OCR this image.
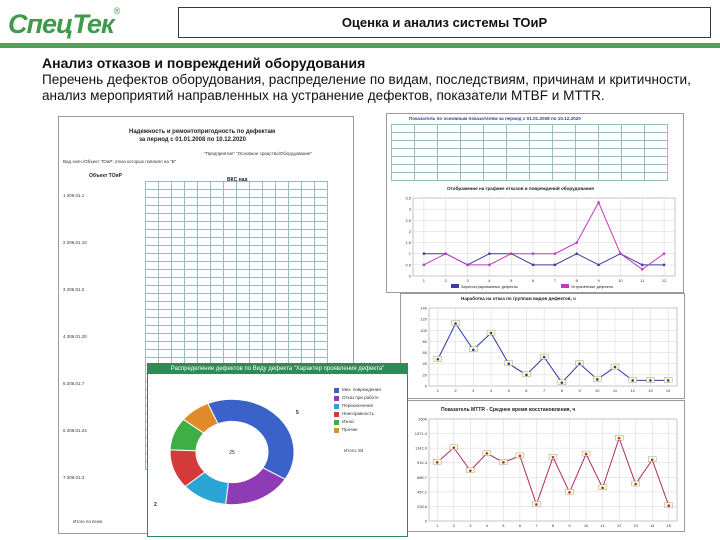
СпецТек®
Оценка и анализ системы ТОиР
Анализ отказов и повреждений оборудования
Перечень дефектов оборудования, распределение по видам, последствиям, причинам и критичности, анализ мероприятий направленных на устранение дефектов, показатели MTBF и MTTR.
Надежность и ремонтопригодность по дефектам
за период с 01.01.2008 по 10.12.2020
"Предприятие" "Основное средство/Оборудование"
Вид знач./Объект ТОиР: отказ которых повлиял на "Б"
Объект ТОиР
ВКС над

1 206.01.1
2 206.01.10
3 206.01.2
4 206.01.20
5 206.01.7
6 206.01.24
7 206.01.3
Итого по всем
Показатель по основным показателям за период с 01.01.2008 по 10.12.2020

Отображение на графике отказов и повреждений оборудования
0
0.5
1
1.5
2
2.5
3
3.5
1	2	3	4	5	6	7	8	9	10	11	12
Зарегистрированные дефекты	Устранённые дефекты
Наработка на отказ по группам видов дефектов, ч
0
20
40
60
80
100
120
140
1	2	3	4	5	6	7	8	9	10	11	12	13	14
Показатель MTTR - Среднее время восстановления, ч
0
228.6
457.1
685.7
914.3
1142.9
1371.4
1600
1	2	3	4	5	6	7	8	9	10	11	12	13	14	15
Распределение дефектов по Виду дефекта "Характер проявления дефекта"
25
5
2
Мех. повреждения
Отказ при работе
Переключения
Неисправность
Износ
Прочие
Итого: 83
